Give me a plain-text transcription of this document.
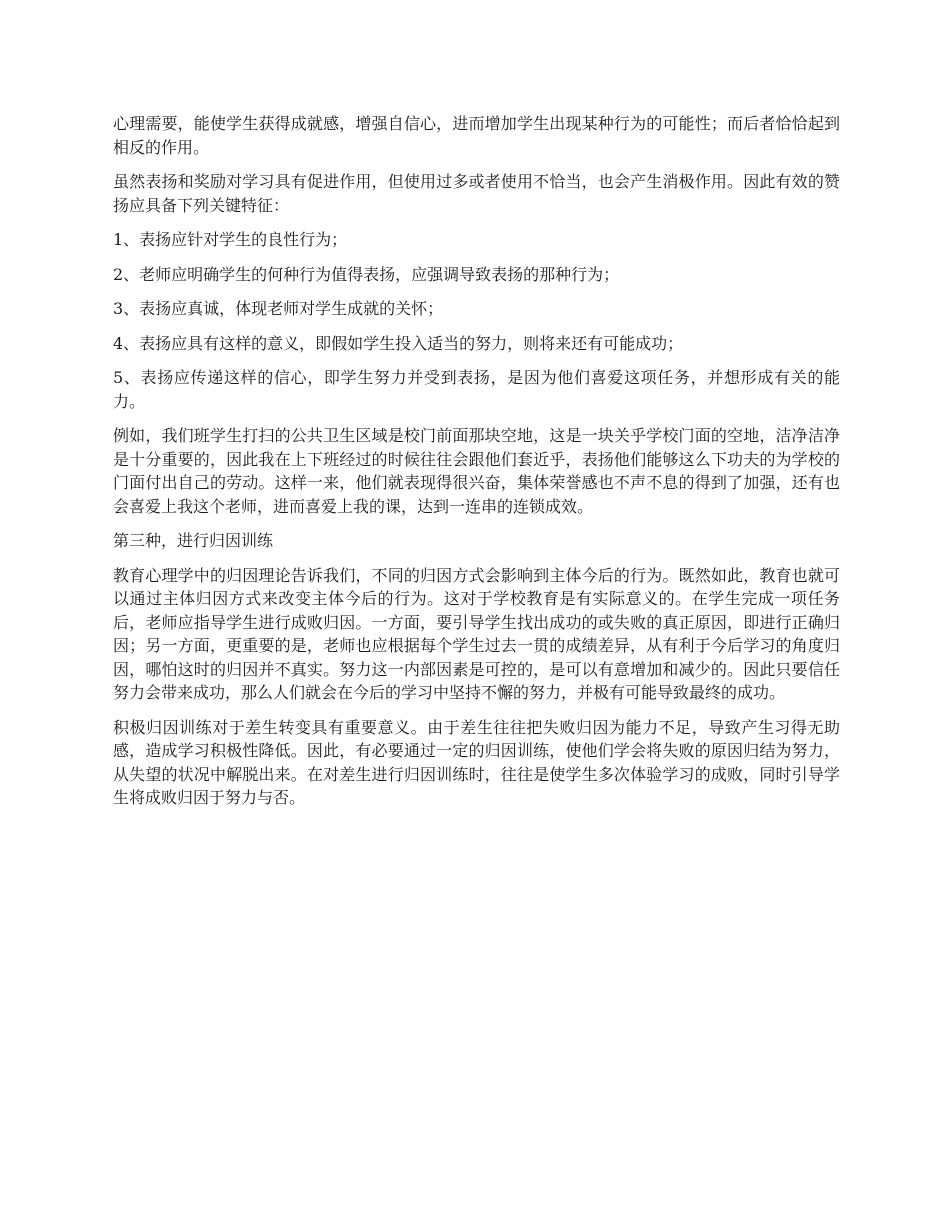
心理需要，能使学生获得成就感，增强自信心，进而增加学生出现某种行为的可能性；而后者恰恰起到相反的作用。

虽然表扬和奖励对学习具有促进作用，但使用过多或者使用不恰当，也会产生消极作用。因此有效的赞扬应具备下列关键特征：

1、表扬应针对学生的良性行为；

2、老师应明确学生的何种行为值得表扬，应强调导致表扬的那种行为；

3、表扬应真诚，体现老师对学生成就的关怀；

4、表扬应具有这样的意义，即假如学生投入适当的努力，则将来还有可能成功；

5、表扬应传递这样的信心，即学生努力并受到表扬，是因为他们喜爱这项任务，并想形成有关的能力。

例如，我们班学生打扫的公共卫生区域是校门前面那块空地，这是一块关乎学校门面的空地，洁净洁净是十分重要的，因此我在上下班经过的时候往往会跟他们套近乎，表扬他们能够这么下功夫的为学校的门面付出自己的劳动。这样一来，他们就表现得很兴奋，集体荣誉感也不声不息的得到了加强，还有也会喜爱上我这个老师，进而喜爱上我的课，达到一连串的连锁成效。

第三种，进行归因训练

教育心理学中的归因理论告诉我们，不同的归因方式会影响到主体今后的行为。既然如此，教育也就可以通过主体归因方式来改变主体今后的行为。这对于学校教育是有实际意义的。在学生完成一项任务后，老师应指导学生进行成败归因。一方面，要引导学生找出成功的或失败的真正原因，即进行正确归因；另一方面，更重要的是，老师也应根据每个学生过去一贯的成绩差异，从有利于今后学习的角度归因，哪怕这时的归因并不真实。努力这一内部因素是可控的，是可以有意增加和减少的。因此只要信任努力会带来成功，那么人们就会在今后的学习中坚持不懈的努力，并极有可能导致最终的成功。

积极归因训练对于差生转变具有重要意义。由于差生往往把失败归因为能力不足，导致产生习得无助感，造成学习积极性降低。因此，有必要通过一定的归因训练，使他们学会将失败的原因归结为努力，从失望的状况中解脱出来。在对差生进行归因训练时，往往是使学生多次体验学习的成败，同时引导学生将成败归因于努力与否。
